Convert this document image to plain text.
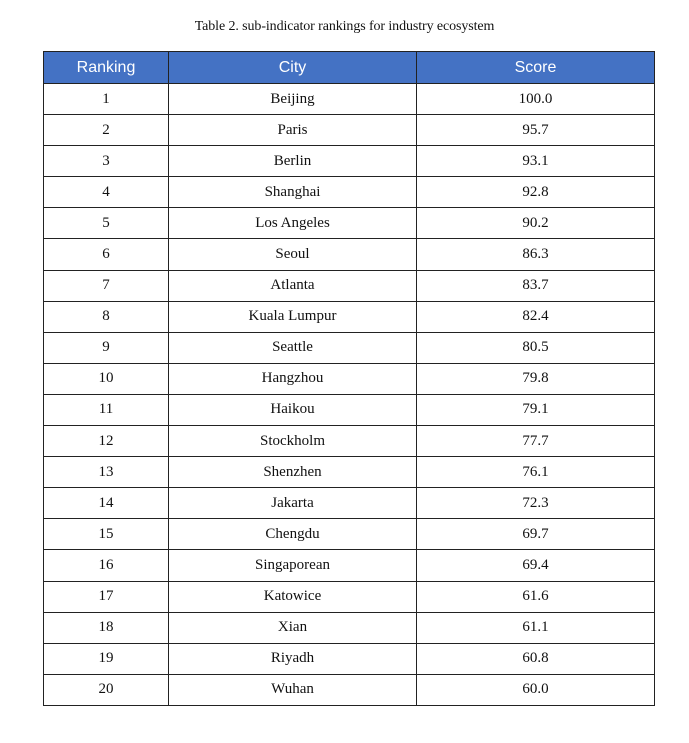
Table 2. sub-indicator rankings for industry ecosystem
Ranking	City	Score
1	Beijing	100.0
2	Paris	95.7
3	Berlin	93.1
4	Shanghai	92.8
5	Los Angeles	90.2
6	Seoul	86.3
7	Atlanta	83.7
8	Kuala Lumpur	82.4
9	Seattle	80.5
10	Hangzhou	79.8
11	Haikou	79.1
12	Stockholm	77.7
13	Shenzhen	76.1
14	Jakarta	72.3
15	Chengdu	69.7
16	Singaporean	69.4
17	Katowice	61.6
18	Xian	61.1
19	Riyadh	60.8
20	Wuhan	60.0
